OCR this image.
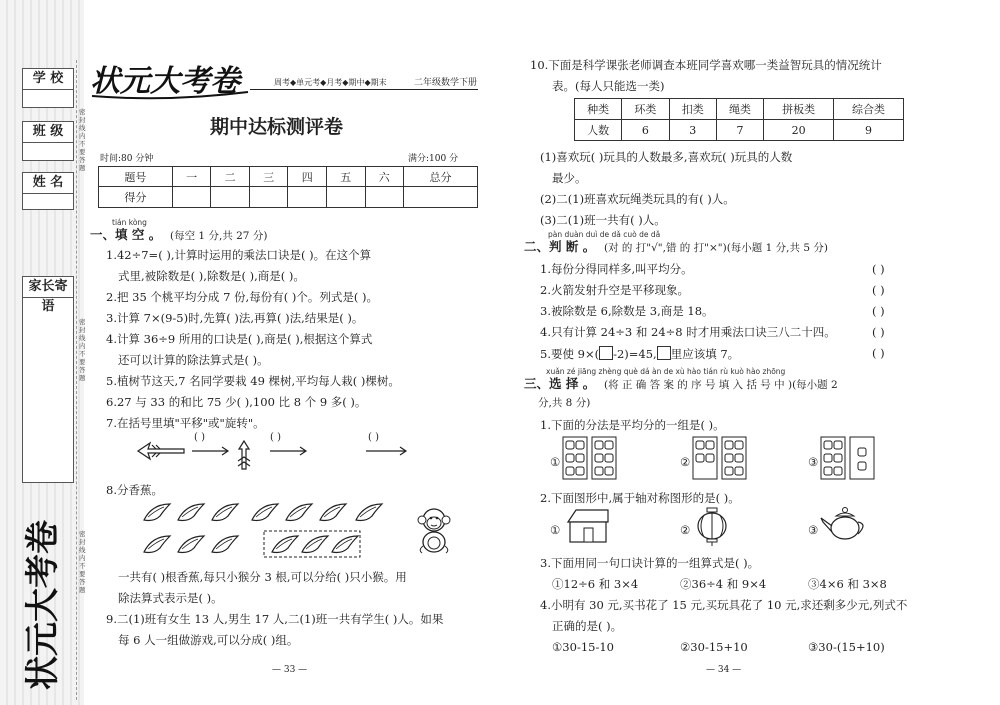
学 校
班 级
姓 名
家长寄语
密封线内不要答题
密封线内不要答题
密封线内不要答题
状元大考卷
状元大考卷	周考◆单元考◆月考◆期中◆期末	二年级数学下册
期中达标测评卷
时间:80 分钟	满分:100 分
题号	一	二	三	四	五	六	总分
得分							
tián kòng
一、填 空 。 (每空 1 分,共 27 分)
1.42÷7=( ),计算时运用的乘法口诀是( )。在这个算
式里,被除数是( ),除数是( ),商是( )。
2.把 35 个桃平均分成 7 份,每份有( )个。列式是( )。
3.计算 7×(9-5)时,先算( )法,再算( )法,结果是( )。
4.计算 36÷9 所用的口诀是( ),商是( ),根据这个算式
还可以计算的除法算式是( )。
5.植树节这天,7 名同学要栽 49 棵树,平均每人栽( )棵树。
6.27 与 33 的和比 75 少( ),100 比 8 个 9 多( )。
7.在括号里填"平移"或"旋转"。
( )	( )	( )
8.分香蕉。
一共有( )根香蕉,每只小猴分 3 根,可以分给( )只小猴。用
除法算式表示是( )。
9.二(1)班有女生 13 人,男生 17 人,二(1)班一共有学生( )人。如果
每 6 人一组做游戏,可以分成( )组。
— 33 —
10.下面是科学课张老师调查本班同学喜欢哪一类益智玩具的情况统计
表。(每人只能选一类)
种类	环类	扣类	绳类	拼板类	综合类
人数	6	3	7	20	9
(1)喜欢玩( )玩具的人数最多,喜欢玩( )玩具的人数
最少。
(2)二(1)班喜欢玩绳类玩具的有( )人。
(3)二(1)班一共有( )人。
pàn duàn duì de dǎ cuò de dǎ
二、判 断 。 (对 的 打"√",错 的 打"×")(每小题 1 分,共 5 分)
1.每份分得同样多,叫平均分。	( )
2.火箭发射升空是平移现象。	( )
3.被除数是 6,除数是 3,商是 18。	( )
4.只有计算 24÷3 和 24÷8 时才用乘法口诀三八二十四。	( )
5.要使 9×( -2)=45, 里应该填 7。	( )
xuǎn zé jiāng zhèng què dá àn de xù hào tián rù kuò hào zhōng
三、选 择 。 (将 正 确 答 案 的 序 号 填 入 括 号 中 )(每小题 2
分,共 8 分)
1.下面的分法是平均分的一组是( )。
①	②	③
2.下面图形中,属于轴对称图形的是( )。
①	②	③
3.下面用同一句口诀计算的一组算式是( )。
①12÷6 和 3×4	②36÷4 和 9×4	③4×6 和 3×8
4.小明有 30 元,买书花了 15 元,买玩具花了 10 元,求还剩多少元,列式不
正确的是( )。
①30-15-10	②30-15+10	③30-(15+10)
— 34 —
